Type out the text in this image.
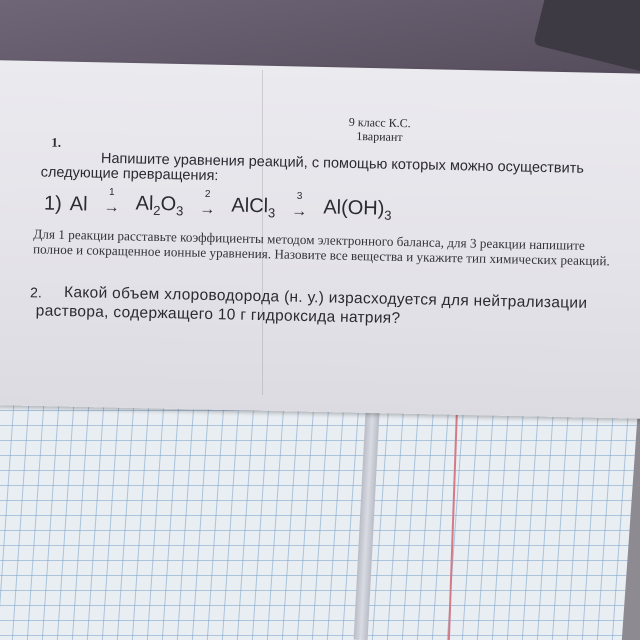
9 класс К.С.
1вариант
1.
Напишите уравнения реакций, с помощью которых можно осуществить следующие превращения:
1) Al
1
→ $Al_2O_3$
2
→ AlCl$_3$
3
→ $Al(OH)_3$
Для 1 реакции расставьте коэффициенты методом электронного баланса, для 3 реакции напишите полное и сокращенное ионные уравнения. Назовите все вещества и укажите тип химических реакций.
2.	Какой объем хлороводорода (н. у.) израсходуется для нейтрализации раствора, содержащего 10 г гидроксида натрия?
